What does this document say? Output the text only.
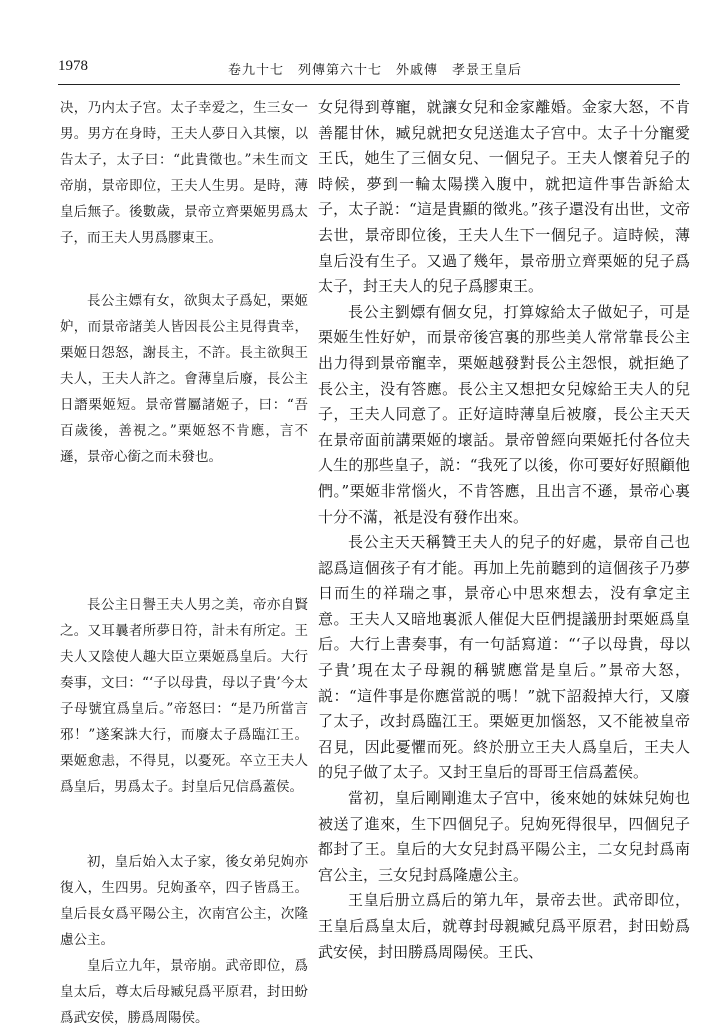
1978	卷九十七　列傳第六十七　外戚傳　孝景王皇后

决，乃内太子宫。太子幸爱之，生三女一男。男方在身時，王夫人夢日入其懷，以告太子，太子曰：“此貴徵也。”未生而文帝崩，景帝即位，王夫人生男。是時，薄皇后無子。後數歲，景帝立齊栗姬男爲太子，而王夫人男爲膠東王。

長公主嫖有女，欲與太子爲妃，栗姬妒，而景帝諸美人皆因長公主見得貴幸，栗姬日怨怒，謝長主，不許。長主欲與王夫人，王夫人許之。會薄皇后廢，長公主日譖栗姬短。景帝嘗屬諸姬子，曰：“吾百歲後，善視之。”栗姬怒不肯應，言不遜，景帝心銜之而未發也。

長公主日譽王夫人男之美，帝亦自賢之。又耳曩者所夢日符，計未有所定。王夫人又陰使人趣大臣立栗姬爲皇后。大行奏事，文曰：“‘子以母貴，母以子貴’今太子母號宜爲皇后。”帝怒曰：“是乃所當言邪！”遂案誅大行，而廢太子爲臨江王。栗姬愈恚，不得見，以憂死。卒立王夫人爲皇后，男爲太子。封皇后兄信爲蓋侯。

初，皇后始入太子家，後女弟兒姁亦復入，生四男。兒姁蚤卒，四子皆爲王。皇后長女爲平陽公主，次南宫公主，次隆慮公主。

皇后立九年，景帝崩。武帝即位，爲皇太后，尊太后母臧兒爲平原君，封田蚡爲武安侯，勝爲周陽侯。

女兒得到尊寵，就讓女兒和金家離婚。金家大怒，不肯善罷甘休，臧兒就把女兒送進太子宫中。太子十分寵愛王氏，她生了三個女兒、一個兒子。王夫人懷着兒子的時候，夢到一輪太陽撲入腹中，就把這件事告訴給太子，太子説：“這是貴顯的徵兆。”孩子還没有出世，文帝去世，景帝即位後，王夫人生下一個兒子。這時候，薄皇后没有生子。又過了幾年，景帝册立齊栗姬的兒子爲太子，封王夫人的兒子爲膠東王。

長公主劉嫖有個女兒，打算嫁給太子做妃子，可是栗姬生性好妒，而景帝後宫裏的那些美人常常靠長公主出力得到景帝寵幸，栗姬越發對長公主怨恨，就拒絶了長公主，没有答應。長公主又想把女兒嫁給王夫人的兒子，王夫人同意了。正好這時薄皇后被廢，長公主天天在景帝面前講栗姬的壞話。景帝曾經向栗姬托付各位夫人生的那些皇子，説：“我死了以後，你可要好好照顧他們。”栗姬非常惱火，不肯答應，且出言不遜，景帝心裏十分不滿，衹是没有發作出來。

長公主天天稱贊王夫人的兒子的好處，景帝自己也認爲這個孩子有才能。再加上先前聽到的這個孩子乃夢日而生的祥瑞之事，景帝心中思來想去，没有拿定主意。王夫人又暗地裏派人催促大臣們提議册封栗姬爲皇后。大行上書奏事，有一句話寫道：“‘子以母貴，母以子貴’現在太子母親的稱號應當是皇后。”景帝大怒，説：“這件事是你應當説的嗎！”就下詔殺掉大行，又廢了太子，改封爲臨江王。栗姬更加惱怒，又不能被皇帝召見，因此憂懼而死。終於册立王夫人爲皇后，王夫人的兒子做了太子。又封王皇后的哥哥王信爲蓋侯。

當初，皇后剛剛進太子宫中，後來她的妹妹兒姁也被送了進來，生下四個兒子。兒姁死得很早，四個兒子都封了王。皇后的大女兒封爲平陽公主，二女兒封爲南宫公主，三女兒封爲隆慮公主。

王皇后册立爲后的第九年，景帝去世。武帝即位，王皇后爲皇太后，就尊封母親臧兒爲平原君，封田蚡爲武安侯，封田勝爲周陽侯。王氏、
